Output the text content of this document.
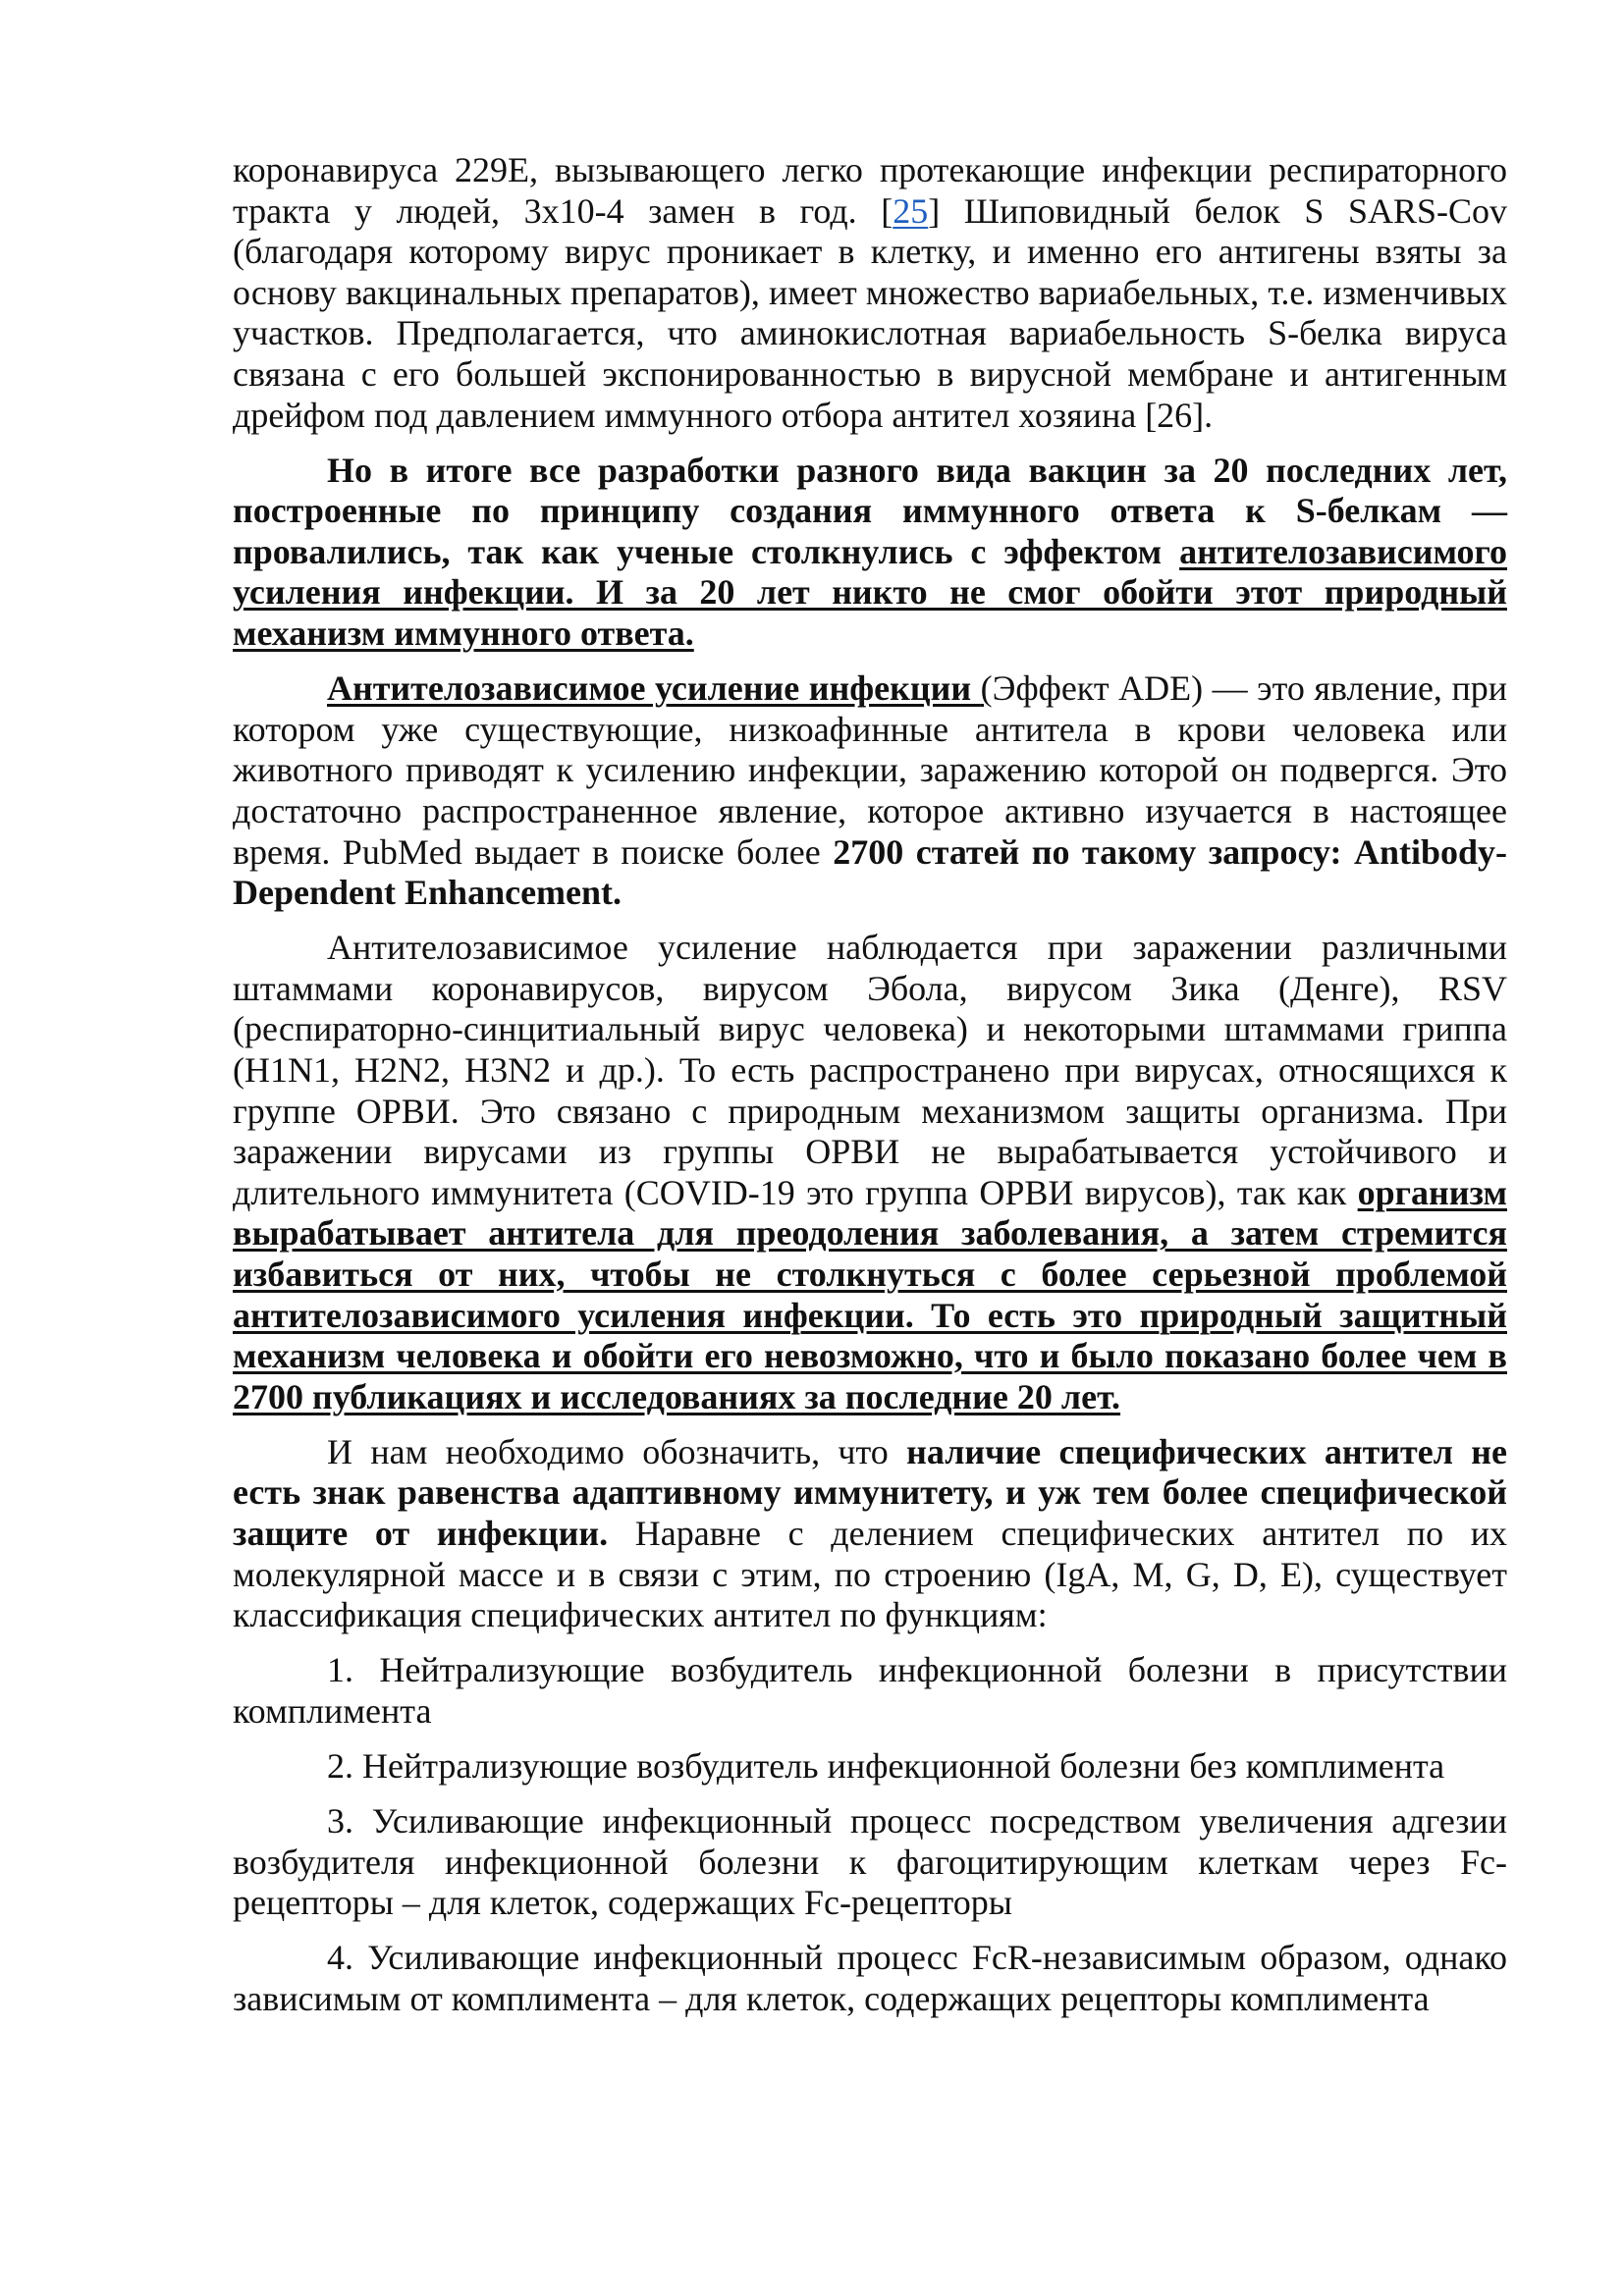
коронавируса 229E, вызывающего легко протекающие инфекции респираторного тракта у людей, 3x10-4 замен в год. [25] Шиповидный белок S SARS-Cov (благодаря которому вирус проникает в клетку, и именно его антигены взяты за основу вакцинальных препаратов), имеет множество вариабельных, т.е. изменчивых участков. Предполагается, что аминокислотная вариабельность S-белка вируса связана с его большей экспонированностью в вирусной мембране и антигенным дрейфом под давлением иммунного отбора антител хозяина [26].

Но в итоге все разработки разного вида вакцин за 20 последних лет, построенные по принципу создания иммунного ответа к S-белкам — провалились, так как ученые столкнулись с эффектом антителозависимого усиления инфекции. И за 20 лет никто не смог обойти этот природный механизм иммунного ответа.

Антителозависимое усиление инфекции (Эффект ADE) — это явление, при котором уже существующие, низкоафинные антитела в крови человека или животного приводят к усилению инфекции, заражению которой он подвергся. Это достаточно распространенное явление, которое активно изучается в настоящее время. PubMed выдает в поиске более 2700 статей по такому запросу: Antibody-Dependent Enhancement.

Антителозависимое усиление наблюдается при заражении различными штаммами коронавирусов, вирусом Эбола, вирусом Зика (Денге), RSV (респираторно-синцитиальный вирус человека) и некоторыми штаммами гриппа (H1N1, H2N2, H3N2 и др.). То есть распространено при вирусах, относящихся к группе ОРВИ. Это связано с природным механизмом защиты организма. При заражении вирусами из группы ОРВИ не вырабатывается устойчивого и длительного иммунитета (COVID-19 это группа ОРВИ вирусов), так как организм вырабатывает антитела для преодоления заболевания, а затем стремится избавиться от них, чтобы не столкнуться с более серьезной проблемой антителозависимого усиления инфекции. То есть это природный защитный механизм человека и обойти его невозможно, что и было показано более чем в 2700 публикациях и исследованиях за последние 20 лет.

И нам необходимо обозначить, что наличие специфических антител не есть знак равенства адаптивному иммунитету, и уж тем более специфической защите от инфекции. Наравне с делением специфических антител по их молекулярной массе и в связи с этим, по строению (IgA, M, G, D, E), существует классификация специфических антител по функциям:

1. Нейтрализующие возбудитель инфекционной болезни в присутствии комплимента

2. Нейтрализующие возбудитель инфекционной болезни без комплимента

3. Усиливающие инфекционный процесс посредством увеличения адгезии возбудителя инфекционной болезни к фагоцитирующим клеткам через Fc-рецепторы – для клеток, содержащих Fc-рецепторы

4. Усиливающие инфекционный процесс FcR-независимым образом, однако зависимым от комплимента – для клеток, содержащих рецепторы комплимента
